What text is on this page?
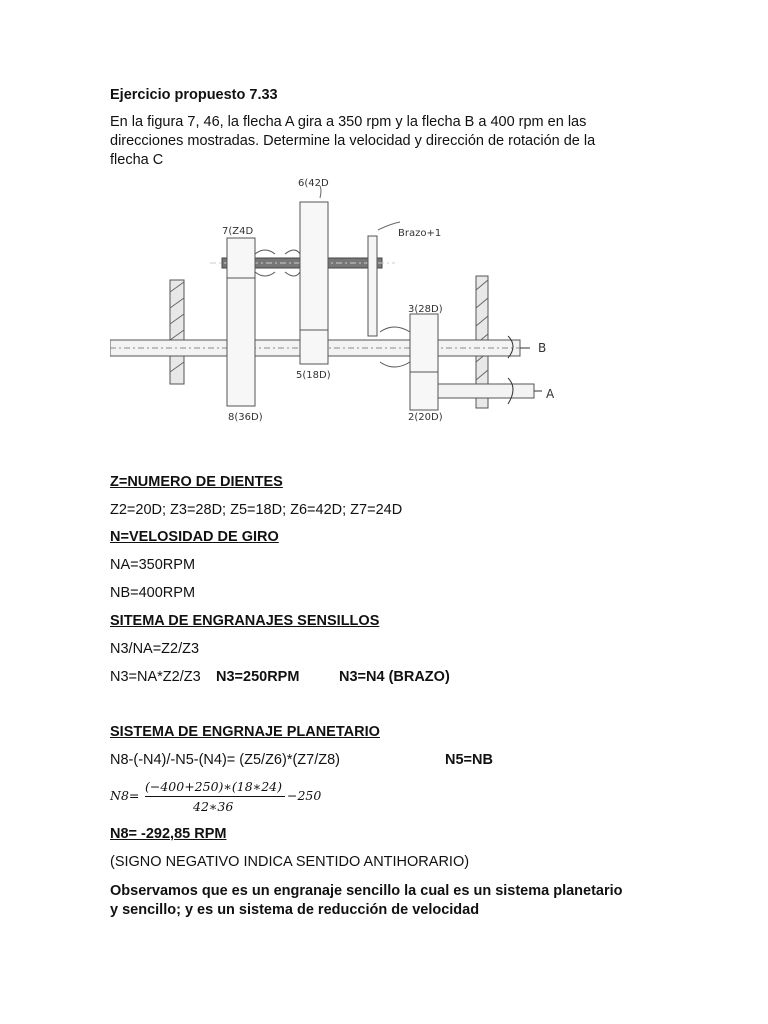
Ejercicio propuesto 7.33
En la figura 7, 46, la flecha A gira a 350 rpm y la flecha B a 400 rpm en las
direcciones mostradas. Determine la velocidad y dirección de rotación de la
flecha C
7(Z4D
6(42D
Brazo+1
3(28D)
5(18D)
8(36D)	2(20D)
B
A
Z=NUMERO DE DIENTES
Z2=20D; Z3=28D; Z5=18D; Z6=42D; Z7=24D
N=VELOSIDAD DE GIRO
NA=350RPM
NB=400RPM
SITEMA DE ENGRANAJES SENSILLOS
N3/NA=Z2/Z3
N3=NA*Z2/Z3 N3=250RPM	N3=N4 (BRAZO)
SISTEMA DE ENGRNAJE PLANETARIO
N8-(-N4)/-N5-(N4)= (Z5/Z6)*(Z7/Z8)	N5=NB
N8=
(−400+250)∗(18∗24)
42∗36
−250
N8= -292,85 RPM
(SIGNO NEGATIVO INDICA SENTIDO ANTIHORARIO)
Observamos que es un engranaje sencillo la cual es un sistema planetario
y sencillo; y es un sistema de reducción de velocidad
